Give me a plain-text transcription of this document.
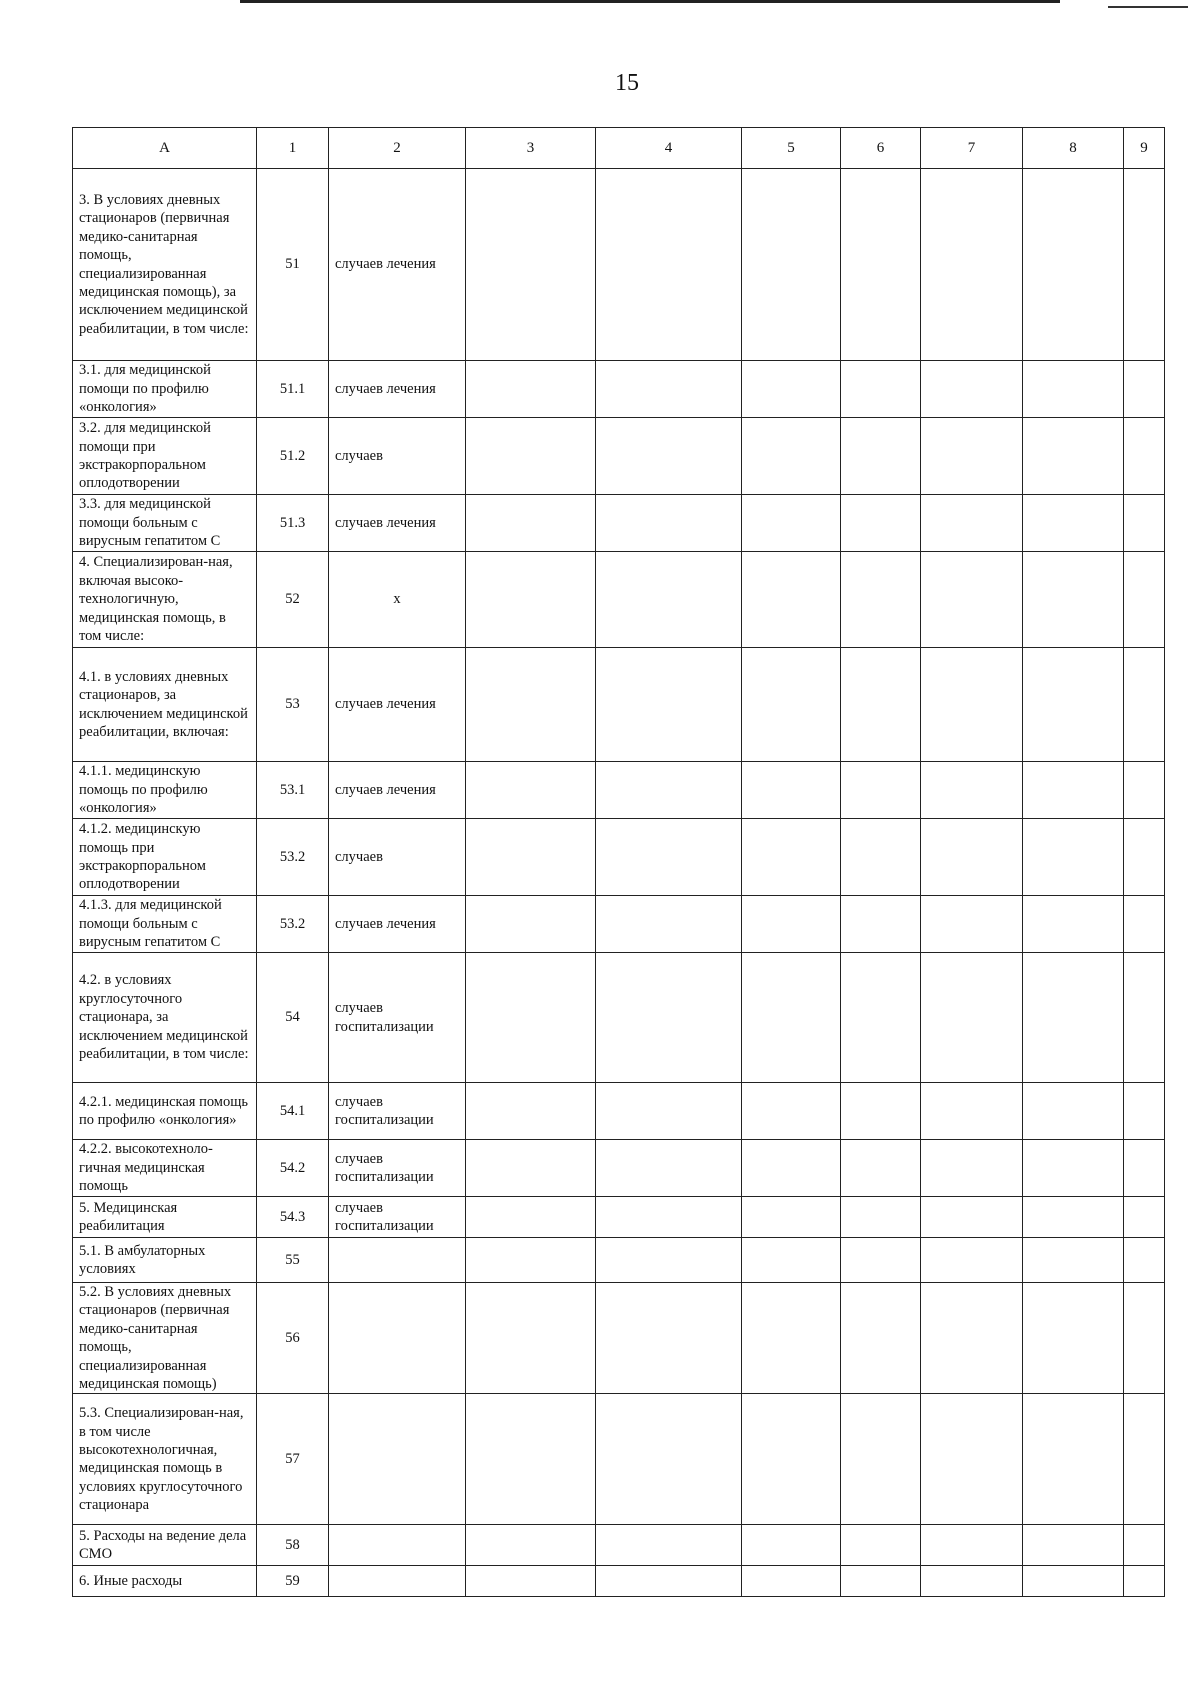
15
А	1	2	3	4	5	6	7	8	9
3. В условиях дневных стационаров (первичная медико-санитарная помощь, специализированная медицинская помощь), за исключением медицинской реабилитации, в том числе:	51	случаев лечения							
3.1. для медицинской помощи по профилю «онкология»	51.1	случаев лечения							
3.2. для медицинской помощи при экстракорпоральном оплодотворении	51.2	случаев							
3.3. для медицинской помощи больным с вирусным гепатитом С	51.3	случаев лечения							
4. Специализирован-ная, включая высоко-технологичную, медицинская помощь, в том числе:	52	х							
4.1. в условиях дневных стационаров, за исключением медицинской реабилитации, включая:	53	случаев лечения							
4.1.1. медицинскую помощь по профилю «онкология»	53.1	случаев лечения							
4.1.2. медицинскую помощь при экстракорпоральном оплодотворении	53.2	случаев							
4.1.3. для медицинской помощи больным с вирусным гепатитом С	53.2	случаев лечения							
4.2. в условиях круглосуточного стационара, за исключением медицинской реабилитации, в том числе:	54	случаев госпитализации							
4.2.1. медицинская помощь по профилю «онкология»	54.1	случаев госпитализации							
4.2.2. высокотехноло-гичная медицинская помощь	54.2	случаев госпитализации							
5. Медицинская реабилитация	54.3	случаев госпитализации							
5.1. В амбулаторных условиях	55								
5.2. В условиях дневных стационаров (первичная медико-санитарная помощь, специализированная медицинская помощь)	56								
5.3. Специализирован-ная, в том числе высокотехнологичная, медицинская помощь в условиях круглосуточного стационара	57								
5. Расходы на ведение дела СМО	58								
6. Иные расходы	59								
